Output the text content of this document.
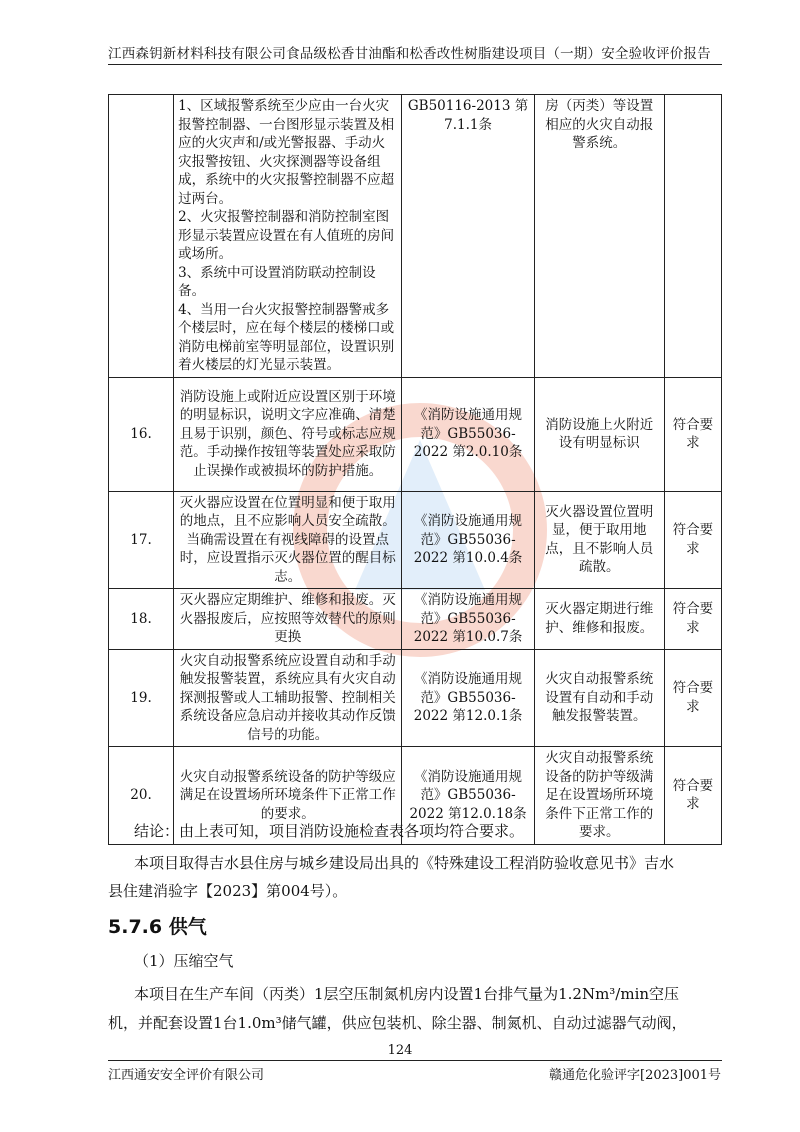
江西森钥新材料科技有限公司食品级松香甘油酯和松香改性树脂建设项目（一期）安全验收评价报告

	1、区域报警系统至少应由一台火灾报警控制器、一台图形显示装置及相应的火灾声和/或光警报器、手动火灾报警按钮、火灾探测器等设备组成，系统中的火灾报警控制器不应超过两台。
2、火灾报警控制器和消防控制室图形显示装置应设置在有人值班的房间或场所。
3、系统中可设置消防联动控制设备。
4、当用一台火灾报警控制器警戒多个楼层时，应在每个楼层的楼梯口或消防电梯前室等明显部位，设置识别着火楼层的灯光显示装置。	GB50116-2013 第7.1.1条	房（丙类）等设置相应的火灾自动报警系统。	
16.	消防设施上或附近应设置区别于环境的明显标识，说明文字应准确、清楚且易于识别，颜色、符号或标志应规范。手动操作按钮等装置处应采取防止误操作或被损坏的防护措施。	《消防设施通用规范》GB55036-2022 第2.0.10条	消防设施上火附近设有明显标识	符合要求
17.	灭火器应设置在位置明显和便于取用的地点，且不应影响人员安全疏散。当确需设置在有视线障碍的设置点时，应设置指示灭火器位置的醒目标志。	《消防设施通用规范》GB55036-2022 第10.0.4条	灭火器设置位置明显，便于取用地点，且不影响人员疏散。	符合要求
18.	灭火器应定期维护、维修和报废。灭火器报废后，应按照等效替代的原则更换	《消防设施通用规范》GB55036-2022 第10.0.7条	灭火器定期进行维护、维修和报废。	符合要求
19.	火灾自动报警系统应设置自动和手动触发报警装置，系统应具有火灾自动探测报警或人工辅助报警、控制相关系统设备应急启动并接收其动作反馈信号的功能。	《消防设施通用规范》GB55036-2022 第12.0.1条	火灾自动报警系统设置有自动和手动触发报警装置。	符合要求
20.	火灾自动报警系统设备的防护等级应满足在设置场所环境条件下正常工作的要求。	《消防设施通用规范》GB55036-2022 第12.0.18条	火灾自动报警系统设备的防护等级满足在设置场所环境条件下正常工作的要求。	符合要求
结论：由上表可知，项目消防设施检查表各项均符合要求。
本项目取得吉水县住房与城乡建设局出具的《特殊建设工程消防验收意见书》吉水
县住建消验字【2023】第004号）。
5.7.6 供气
（1）压缩空气
本项目在生产车间（丙类）1层空压制氮机房内设置1台排气量为1.2Nm³/min空压
机，并配套设置1台1.0m³储气罐，供应包装机、除尘器、制氮机、自动过滤器气动阀，
124
江西通安安全评价有限公司	赣通危化验评字[2023]001号
